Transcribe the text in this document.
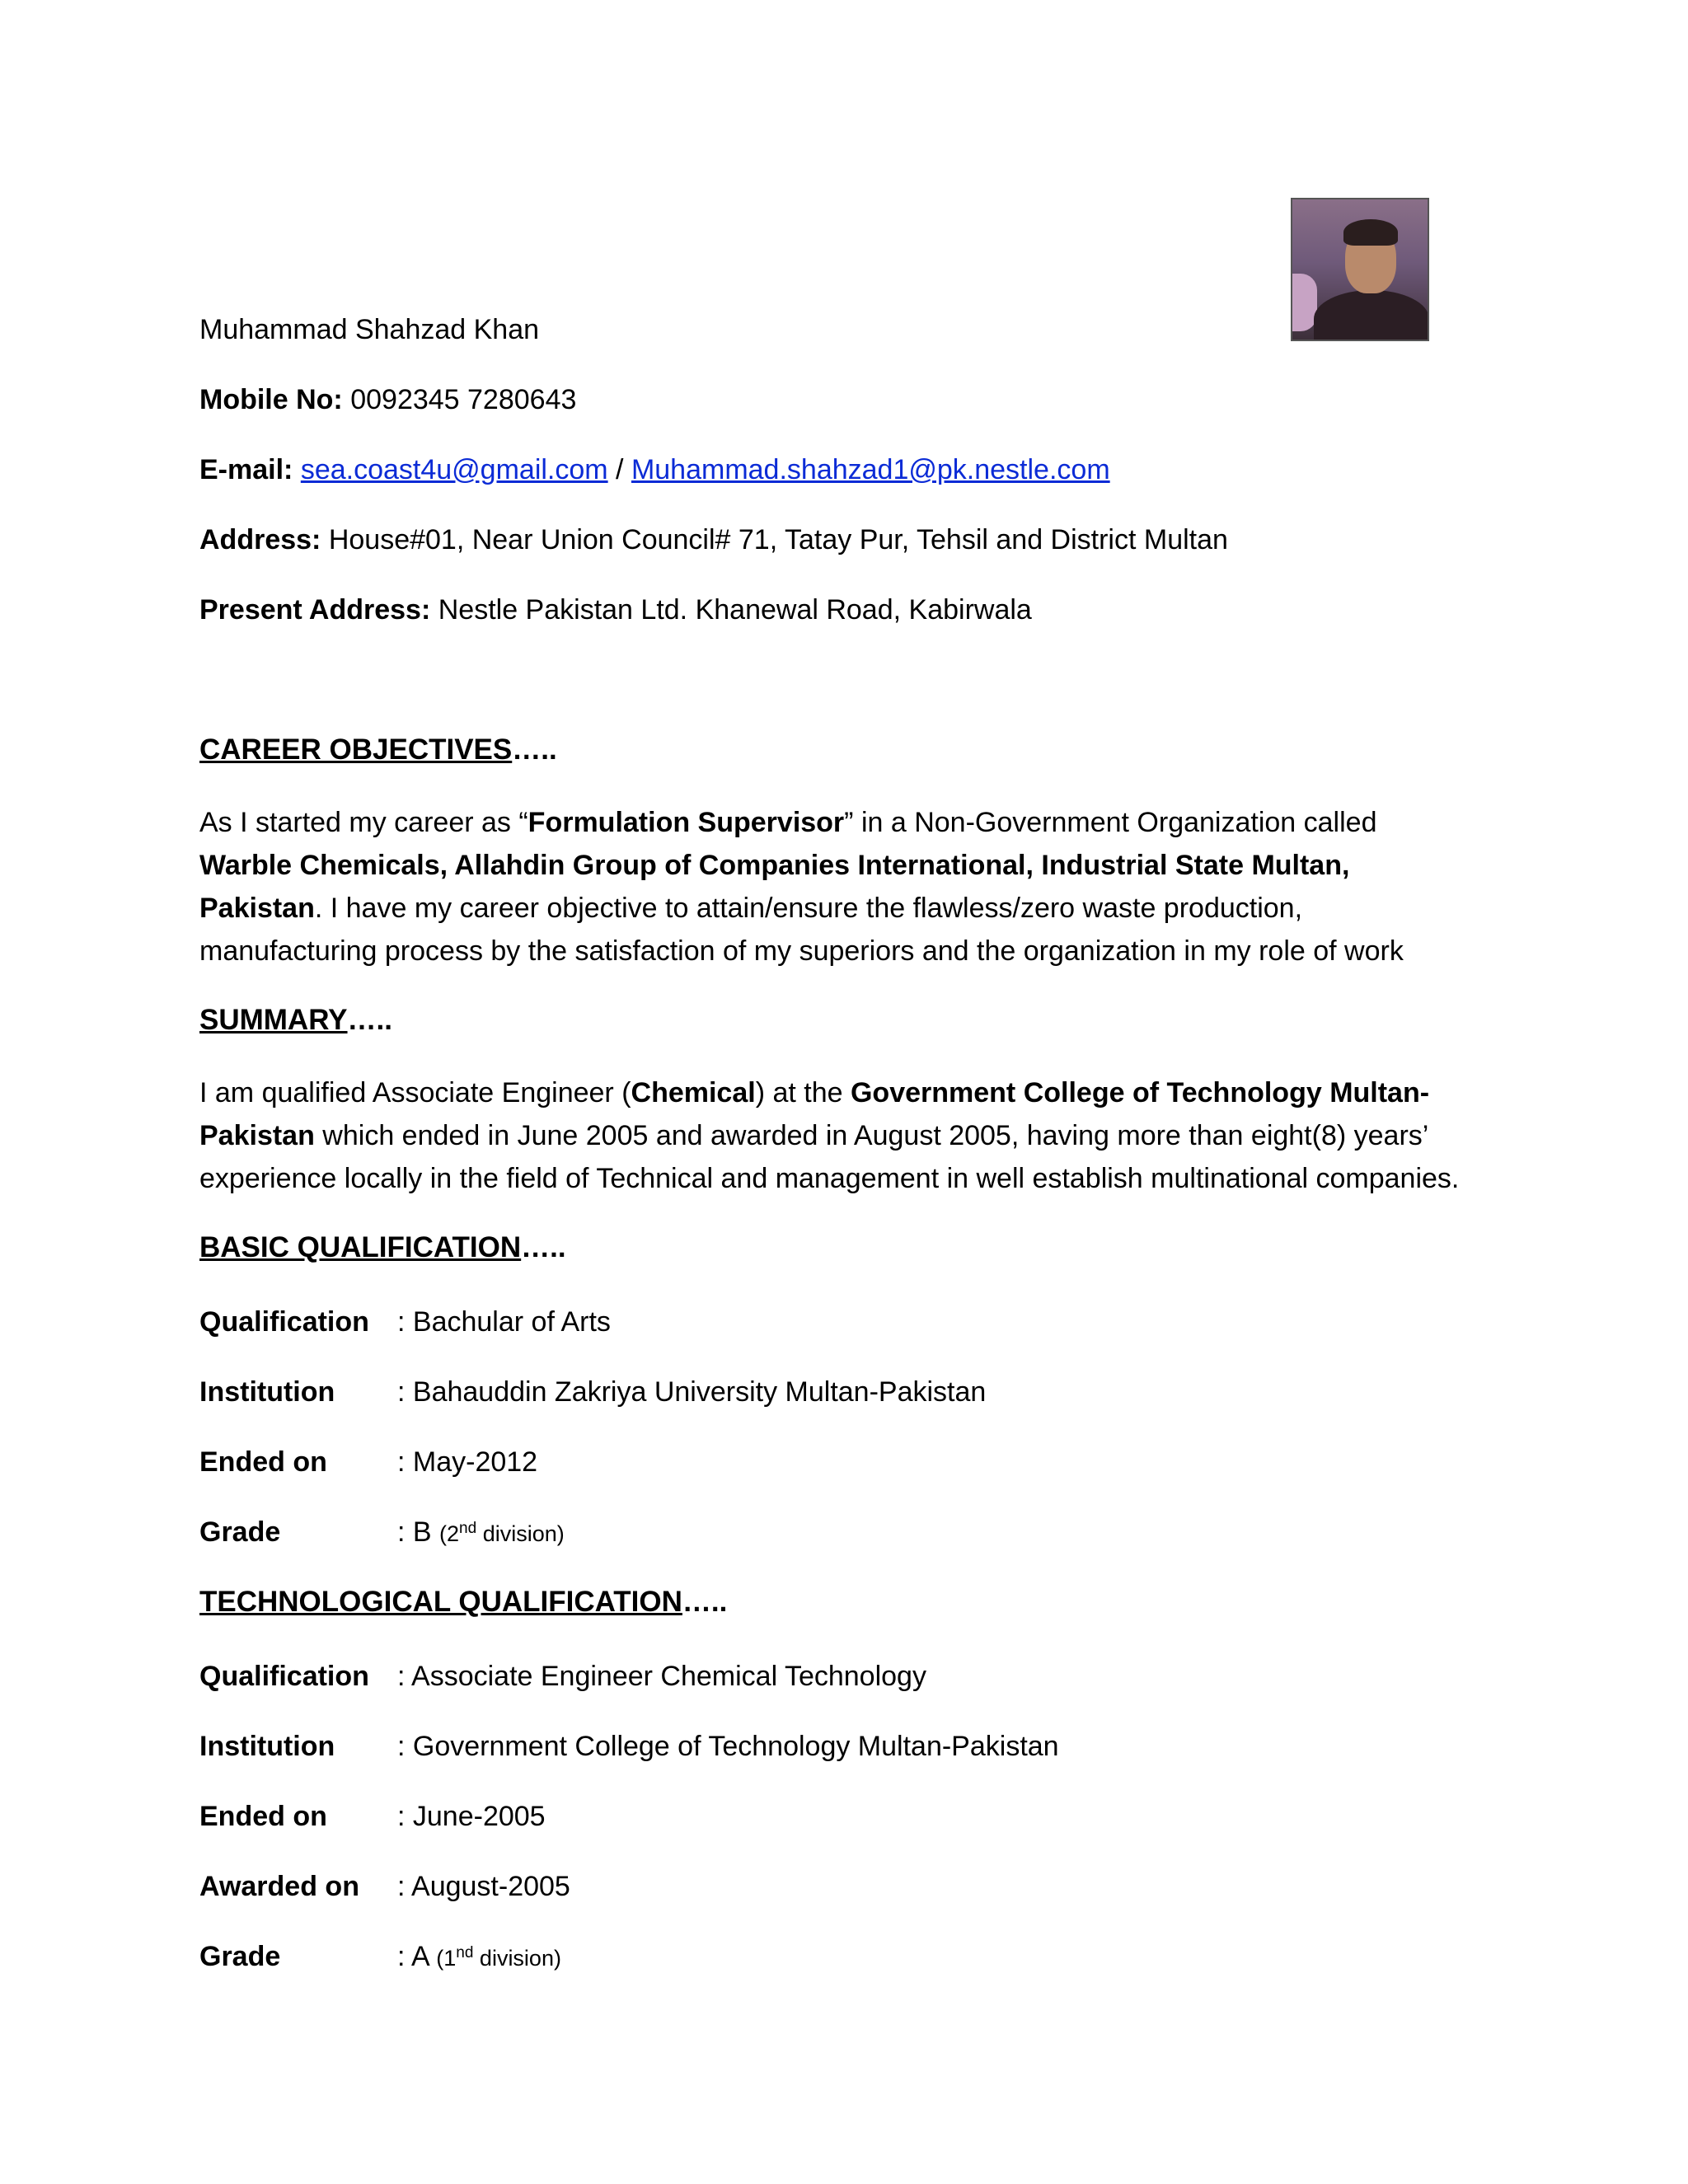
Muhammad Shahzad Khan
Mobile No: 0092345 7280643
E-mail: sea.coast4u@gmail.com / Muhammad.shahzad1@pk.nestle.com
Address: House#01, Near Union Council# 71, Tatay Pur, Tehsil and District Multan
Present Address: Nestle Pakistan Ltd. Khanewal Road, Kabirwala
CAREER OBJECTIVES…..
As I started my career as “Formulation Supervisor” in a Non-Government Organization called Warble Chemicals, Allahdin Group of Companies International, Industrial State Multan, Pakistan. I have my career objective to attain/ensure the flawless/zero waste production, manufacturing process by the satisfaction of my superiors and the organization in my role of work
SUMMARY…..
I am qualified Associate Engineer (Chemical) at the Government College of Technology Multan-Pakistan which ended in June 2005 and awarded in August 2005, having more than eight(8) years’ experience locally in the field of Technical and management in well establish multinational companies.
BASIC QUALIFICATION…..
Qualification : Bachular of Arts
Institution : Bahauddin Zakriya University Multan-Pakistan
Ended on	: May-2012
Grade	: B (2nd division)
TECHNOLOGICAL QUALIFICATION…..
Qualification : Associate Engineer Chemical Technology
Institution : Government College of Technology Multan-Pakistan
Ended on	: June-2005
Awarded on : August-2005
Grade	: A (1nd division)
